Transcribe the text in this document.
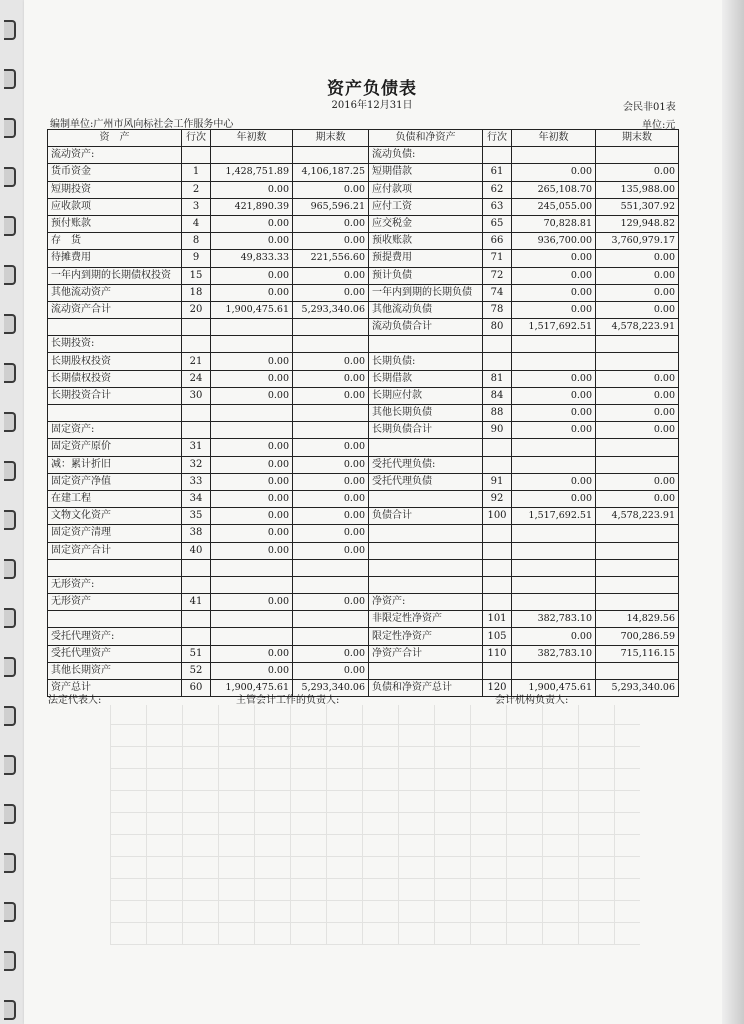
资产负债表
2016年12月31日	会民非01表
编制单位:广州市风向标社会工作服务中心	单位:元
资　产	行次	年初数	期末数	负债和净资产	行次	年初数	期末数
流动资产:				流动负债:			
货币资金	1	1,428,751.89	4,106,187.25	短期借款	61	0.00	0.00
短期投资	2	0.00	0.00	应付款项	62	265,108.70	135,988.00
应收款项	3	421,890.39	965,596.21	应付工资	63	245,055.00	551,307.92
预付账款	4	0.00	0.00	应交税金	65	70,828.81	129,948.82
存　货	8	0.00	0.00	预收账款	66	936,700.00	3,760,979.17
待摊费用	9	49,833.33	221,556.60	预提费用	71	0.00	0.00
一年内到期的长期债权投资	15	0.00	0.00	预计负债	72	0.00	0.00
其他流动资产	18	0.00	0.00	一年内到期的长期负债	74	0.00	0.00
流动资产合计	20	1,900,475.61	5,293,340.06	其他流动负债	78	0.00	0.00
				流动负债合计	80	1,517,692.51	4,578,223.91
长期投资:							
长期股权投资	21	0.00	0.00	长期负债:			
长期债权投资	24	0.00	0.00	长期借款	81	0.00	0.00
长期投资合计	30	0.00	0.00	长期应付款	84	0.00	0.00
				其他长期负债	88	0.00	0.00
固定资产:				长期负债合计	90	0.00	0.00
固定资产原价	31	0.00	0.00				
减：累计折旧	32	0.00	0.00	受托代理负债:			
固定资产净值	33	0.00	0.00	受托代理负债	91	0.00	0.00
在建工程	34	0.00	0.00		92	0.00	0.00
文物文化资产	35	0.00	0.00	负债合计	100	1,517,692.51	4,578,223.91
固定资产清理	38	0.00	0.00				
固定资产合计	40	0.00	0.00				

无形资产:							
无形资产	41	0.00	0.00	净资产:			
				非限定性净资产	101	382,783.10	14,829.56
受托代理资产:				限定性净资产	105	0.00	700,286.59
受托代理资产	51	0.00	0.00	净资产合计	110	382,783.10	715,116.15
其他长期资产	52	0.00	0.00				
资产总计	60	1,900,475.61	5,293,340.06	负债和净资产总计	120	1,900,475.61	5,293,340.06
法定代表人:	主管会计工作的负责人:	会计机构负责人:
